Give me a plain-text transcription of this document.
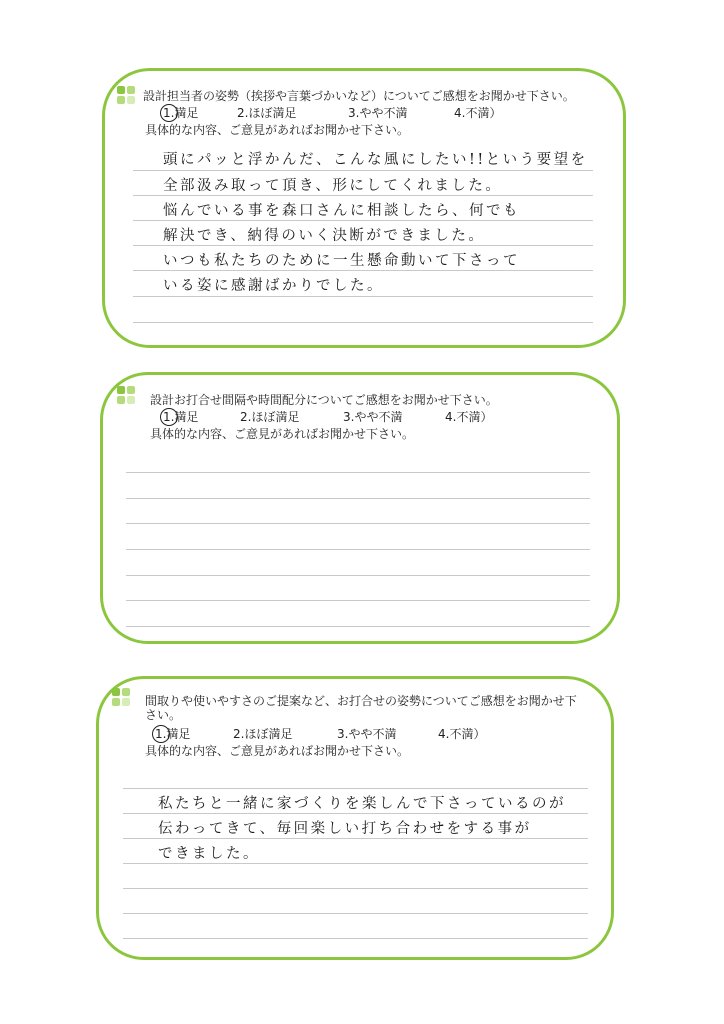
設計担当者の姿勢（挨拶や言葉づかいなど）についてご感想をお聞かせ下さい。
1.満足	2.ほぼ満足	3.やや不満	4.不満）
具体的な内容、ご意見があればお聞かせ下さい。
頭にパッと浮かんだ、こんな風にしたい!!という要望を
全部汲み取って頂き、形にしてくれました。
悩んでいる事を森口さんに相談したら、何でも
解決でき、納得のいく決断ができました。
いつも私たちのために一生懸命動いて下さって
いる姿に感謝ばかりでした。
設計お打合せ間隔や時間配分についてご感想をお聞かせ下さい。
1.満足	2.ほぼ満足	3.やや不満	4.不満）
具体的な内容、ご意見があればお聞かせ下さい。
間取りや使いやすさのご提案など、お打合せの姿勢についてご感想をお聞かせ下さい。
1.満足	2.ほぼ満足	3.やや不満	4.不満）
具体的な内容、ご意見があればお聞かせ下さい。
私たちと一緒に家づくりを楽しんで下さっているのが
伝わってきて、毎回楽しい打ち合わせをする事が
できました。
